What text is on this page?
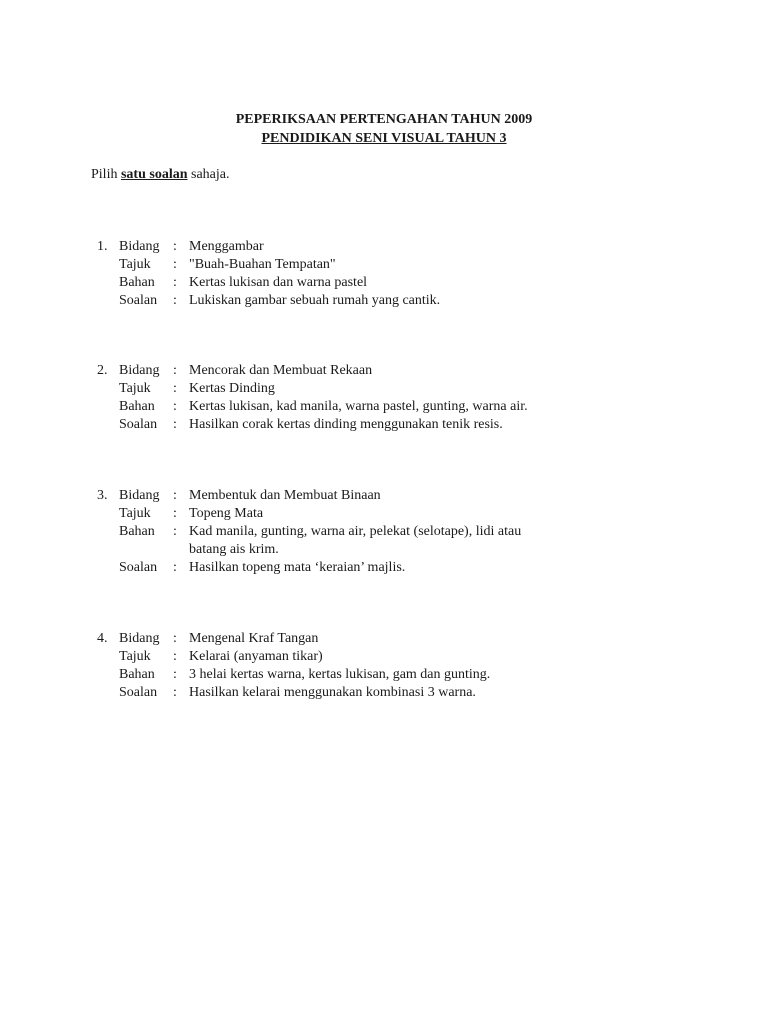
PEPERIKSAAN PERTENGAHAN TAHUN 2009
PENDIDIKAN SENI VISUAL TAHUN 3
Pilih satu soalan sahaja.
1. Bidang : Menggambar
Tajuk : "Buah-Buahan Tempatan"
Bahan : Kertas lukisan dan warna pastel
Soalan : Lukiskan gambar sebuah rumah yang cantik.
2. Bidang : Mencorak dan Membuat Rekaan
Tajuk : Kertas Dinding
Bahan : Kertas lukisan, kad manila, warna pastel, gunting, warna air.
Soalan : Hasilkan corak kertas dinding menggunakan tenik resis.
3. Bidang : Membentuk dan Membuat Binaan
Tajuk : Topeng Mata
Bahan : Kad manila, gunting, warna air, pelekat (selotape), lidi atau batang ais krim.
Soalan : Hasilkan topeng mata ‘keraian’ majlis.
4. Bidang : Mengenal Kraf Tangan
Tajuk : Kelarai (anyaman tikar)
Bahan : 3 helai kertas warna, kertas lukisan, gam dan gunting.
Soalan : Hasilkan kelarai menggunakan kombinasi 3 warna.
